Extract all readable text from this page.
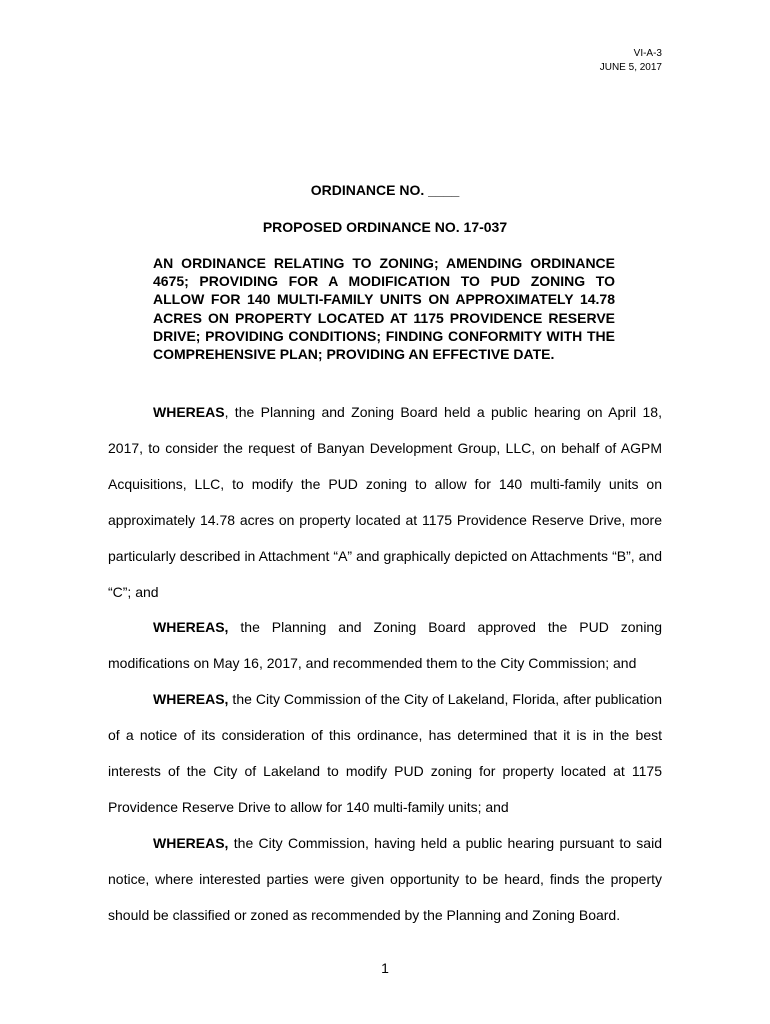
VI-A-3
JUNE 5, 2017
ORDINANCE NO. ____
PROPOSED ORDINANCE NO. 17-037
AN ORDINANCE RELATING TO ZONING; AMENDING ORDINANCE 4675; PROVIDING FOR A MODIFICATION TO PUD ZONING TO ALLOW FOR 140 MULTI-FAMILY UNITS ON APPROXIMATELY 14.78 ACRES ON PROPERTY LOCATED AT 1175 PROVIDENCE RESERVE DRIVE; PROVIDING CONDITIONS; FINDING CONFORMITY WITH THE COMPREHENSIVE PLAN; PROVIDING AN EFFECTIVE DATE.

WHEREAS, the Planning and Zoning Board held a public hearing on April 18, 2017, to consider the request of Banyan Development Group, LLC, on behalf of AGPM Acquisitions, LLC, to modify the PUD zoning to allow for 140 multi-family units on approximately 14.78 acres on property located at 1175 Providence Reserve Drive, more particularly described in Attachment “A” and graphically depicted on Attachments “B”, and “C”; and

WHEREAS, the Planning and Zoning Board approved the PUD zoning modifications on May 16, 2017, and recommended them to the City Commission; and

WHEREAS, the City Commission of the City of Lakeland, Florida, after publication of a notice of its consideration of this ordinance, has determined that it is in the best interests of the City of Lakeland to modify PUD zoning for property located at 1175 Providence Reserve Drive to allow for 140 multi-family units; and

WHEREAS, the City Commission, having held a public hearing pursuant to said notice, where interested parties were given opportunity to be heard, finds the property should be classified or zoned as recommended by the Planning and Zoning Board.

1
